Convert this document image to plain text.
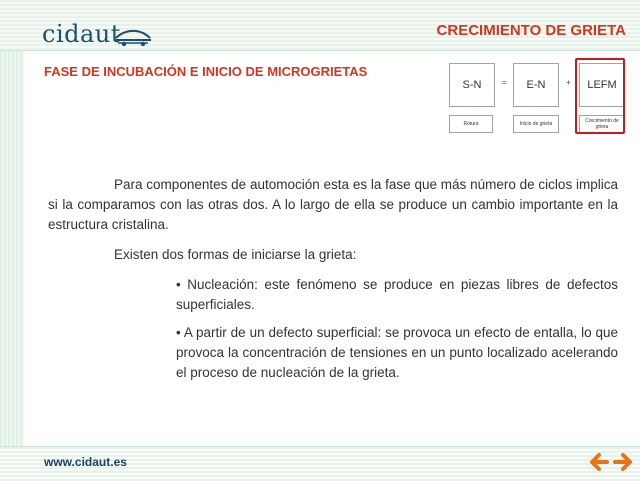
cidaut	CRECIMIENTO DE GRIETA
FASE DE INCUBACIÓN E INICIO DE MICROGRIETAS
S-N	=	E-N	+	LEFM
Rotura	Inicio de grieta	Crecimiento de grieta

Para componentes de automoción esta es la fase que más número de ciclos implica si la comparamos con las otras dos. A lo largo de ella se produce un cambio importante en la estructura cristalina.

Existen dos formas de iniciarse la grieta:

• Nucleación: este fenómeno se produce en piezas libres de defectos superficiales.

• A partir de un defecto superficial: se provoca un efecto de entalla, lo que provoca la concentración de tensiones en un punto localizado acelerando el proceso de nucleación de la grieta.

www.cidaut.es
